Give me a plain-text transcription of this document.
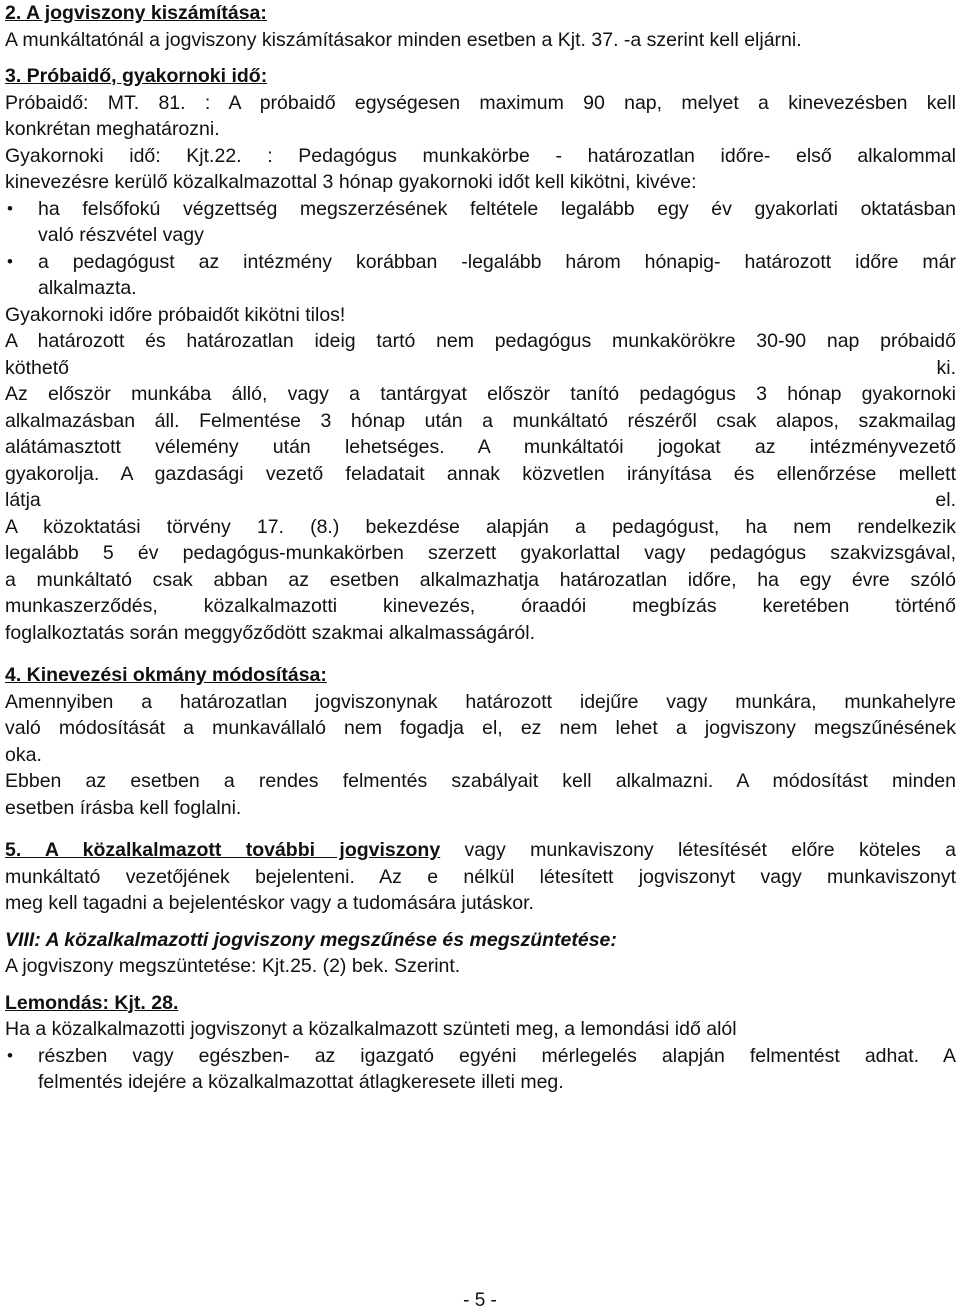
2. A jogviszony kiszámítása:
A munkáltatónál a jogviszony kiszámításakor minden esetben a Kjt. 37. -a szerint kell eljárni.
3. Próbaidő, gyakornoki idő:
Próbaidő: MT. 81. : A próbaidő egységesen maximum 90 nap, melyet a kinevezésben kell
konkrétan meghatározni.
Gyakornoki idő: Kjt.22. : Pedagógus munkakörbe - határozatlan időre- első alkalommal
kinevezésre kerülő közalkalmazottal 3 hónap gyakornoki időt kell kikötni, kivéve:
• ha felsőfokú végzettség megszerzésének feltétele legalább egy év gyakorlati oktatásban
való részvétel vagy
• a pedagógust az intézmény korábban -legalább három hónapig- határozott időre már
alkalmazta.
Gyakornoki időre próbaidőt kikötni tilos!
A határozott és határozatlan ideig tartó nem pedagógus munkakörökre 30-90 nap próbaidő
köthető ki.
Az először munkába álló, vagy a tantárgyat először tanító pedagógus 3 hónap gyakornoki
alkalmazásban áll. Felmentése 3 hónap után a munkáltató részéről csak alapos, szakmailag
alátámasztott vélemény után lehetséges. A munkáltatói jogokat az intézményvezető
gyakorolja. A gazdasági vezető feladatait annak közvetlen irányítása és ellenőrzése mellett
látja el.
A közoktatási törvény 17. (8.) bekezdése alapján a pedagógust, ha nem rendelkezik
legalább 5 év pedagógus-munkakörben szerzett gyakorlattal vagy pedagógus szakvizsgával,
a munkáltató csak abban az esetben alkalmazhatja határozatlan időre, ha egy évre szóló
munkaszerződés, közalkalmazotti kinevezés, óraadói megbízás keretében történő
foglalkoztatás során meggyőződött szakmai alkalmasságáról.
4. Kinevezési okmány módosítása:
Amennyiben a határozatlan jogviszonynak határozott idejűre vagy munkára, munkahelyre
való módosítását a munkavállaló nem fogadja el, ez nem lehet a jogviszony megszűnésének
oka.
Ebben az esetben a rendes felmentés szabályait kell alkalmazni. A módosítást minden
esetben írásba kell foglalni.
5. A közalkalmazott további jogviszony vagy munkaviszony létesítését előre köteles a
munkáltató vezetőjének bejelenteni. Az e nélkül létesített jogviszonyt vagy munkaviszonyt
meg kell tagadni a bejelentéskor vagy a tudomására jutáskor.
VIII: A közalkalmazotti jogviszony megszűnése és megszüntetése:
A jogviszony megszüntetése: Kjt.25. (2) bek. Szerint.
Lemondás: Kjt. 28.
Ha a közalkalmazotti jogviszonyt a közalkalmazott szünteti meg, a lemondási idő alól
• részben vagy egészben- az igazgató egyéni mérlegelés alapján felmentést adhat. A
felmentés idejére a közalkalmazottat átlagkeresete illeti meg.
- 5 -
